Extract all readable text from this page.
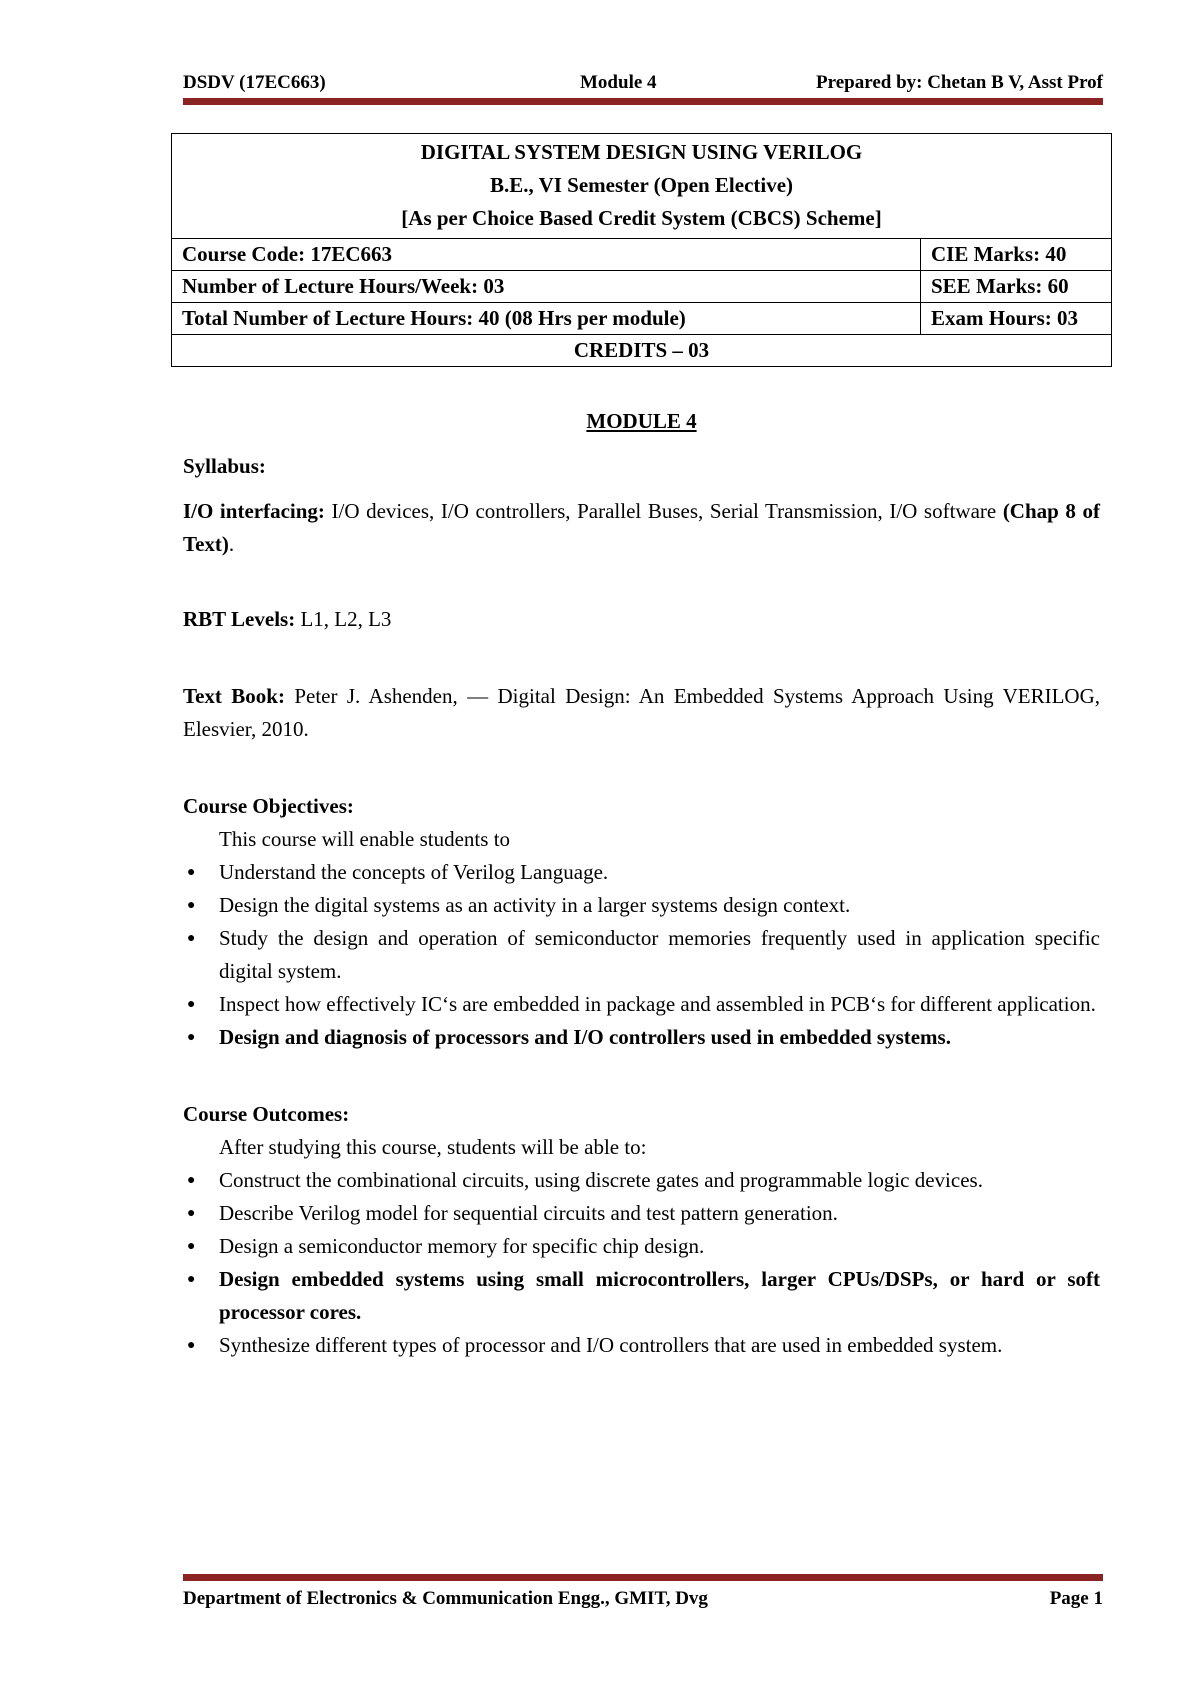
DSDV (17EC663)	Module 4	Prepared by: Chetan B V, Asst Prof
DIGITAL SYSTEM DESIGN USING VERILOG
B.E., VI Semester (Open Elective)
[As per Choice Based Credit System (CBCS) Scheme]	

Course Code: 17EC663	CIE Marks: 40
Number of Lecture Hours/Week: 03	SEE Marks: 60
Total Number of Lecture Hours: 40 (08 Hrs per module)	Exam Hours: 03
CREDITS – 03	
MODULE 4

Syllabus:

I/O interfacing: I/O devices, I/O controllers, Parallel Buses, Serial Transmission, I/O software (Chap 8 of Text).

RBT Levels: L1, L2, L3

Text Book: Peter J. Ashenden, ― Digital Design: An Embedded Systems Approach Using VERILOG, Elesvier, 2010.

Course Objectives:

This course will enable students to

● Understand the concepts of Verilog Language.
● Design the digital systems as an activity in a larger systems design context.
● Study the design and operation of semiconductor memories frequently used in application specific digital system.
● Inspect how effectively IC‘s are embedded in package and assembled in PCB‘s for different application.
● Design and diagnosis of processors and I/O controllers used in embedded systems.

Course Outcomes:

After studying this course, students will be able to:

● Construct the combinational circuits, using discrete gates and programmable logic devices.
● Describe Verilog model for sequential circuits and test pattern generation.
● Design a semiconductor memory for specific chip design.
● Design embedded systems using small microcontrollers, larger CPUs/DSPs, or hard or soft processor cores.
● Synthesize different types of processor and I/O controllers that are used in embedded system.
Department of Electronics & Communication Engg., GMIT, Dvg	Page 1
